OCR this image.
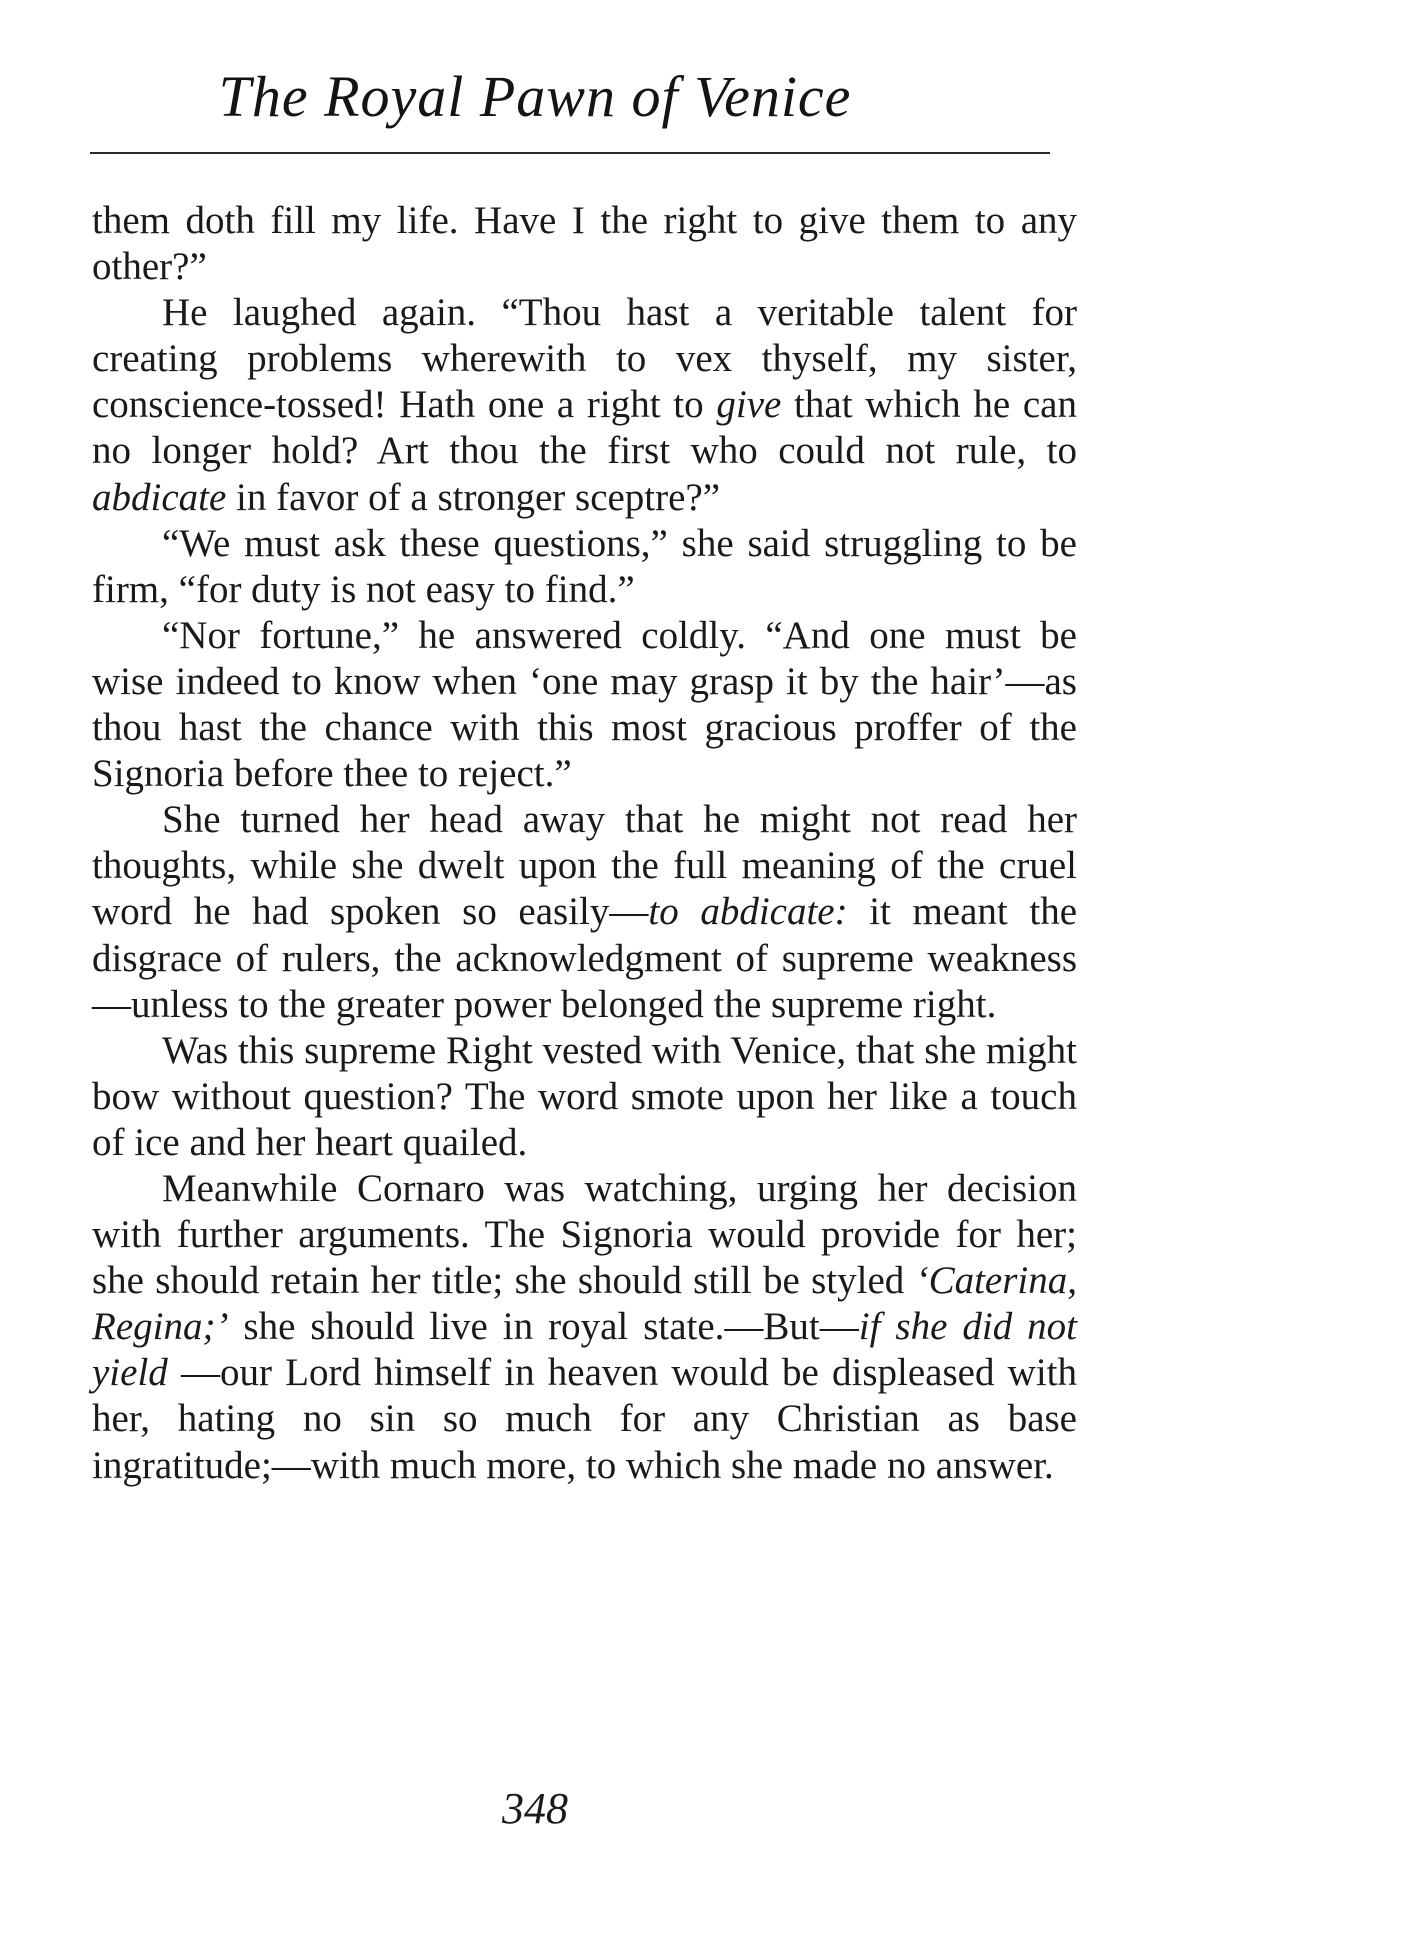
The Royal Pawn of Venice

them doth fill my life. Have I the right to give them to any other?”

He laughed again. “Thou hast a veritable talent for creating problems wherewith to vex thyself, my sister, conscience-tossed! Hath one a right to give that which he can no longer hold? Art thou the first who could not rule, to abdicate in favor of a stronger sceptre?”

“We must ask these questions,” she said struggling to be firm, “for duty is not easy to find.”

“Nor fortune,” he answered coldly. “And one must be wise indeed to know when ‘one may grasp it by the hair’—as thou hast the chance with this most gracious proffer of the Signoria before thee to reject.”

She turned her head away that he might not read her thoughts, while she dwelt upon the full meaning of the cruel word he had spoken so easily—to abdicate: it meant the disgrace of rulers, the acknowledgment of supreme weakness—unless to the greater power belonged the supreme right.

Was this supreme Right vested with Venice, that she might bow without question? The word smote upon her like a touch of ice and her heart quailed.

Meanwhile Cornaro was watching, urging her decision with further arguments. The Signoria would provide for her; she should retain her title; she should still be styled ‘Caterina, Regina;’ she should live in royal state.—But—if she did not yield —our Lord himself in heaven would be displeased with her, hating no sin so much for any Christian as base ingratitude;—with much more, to which she made no answer.

348
